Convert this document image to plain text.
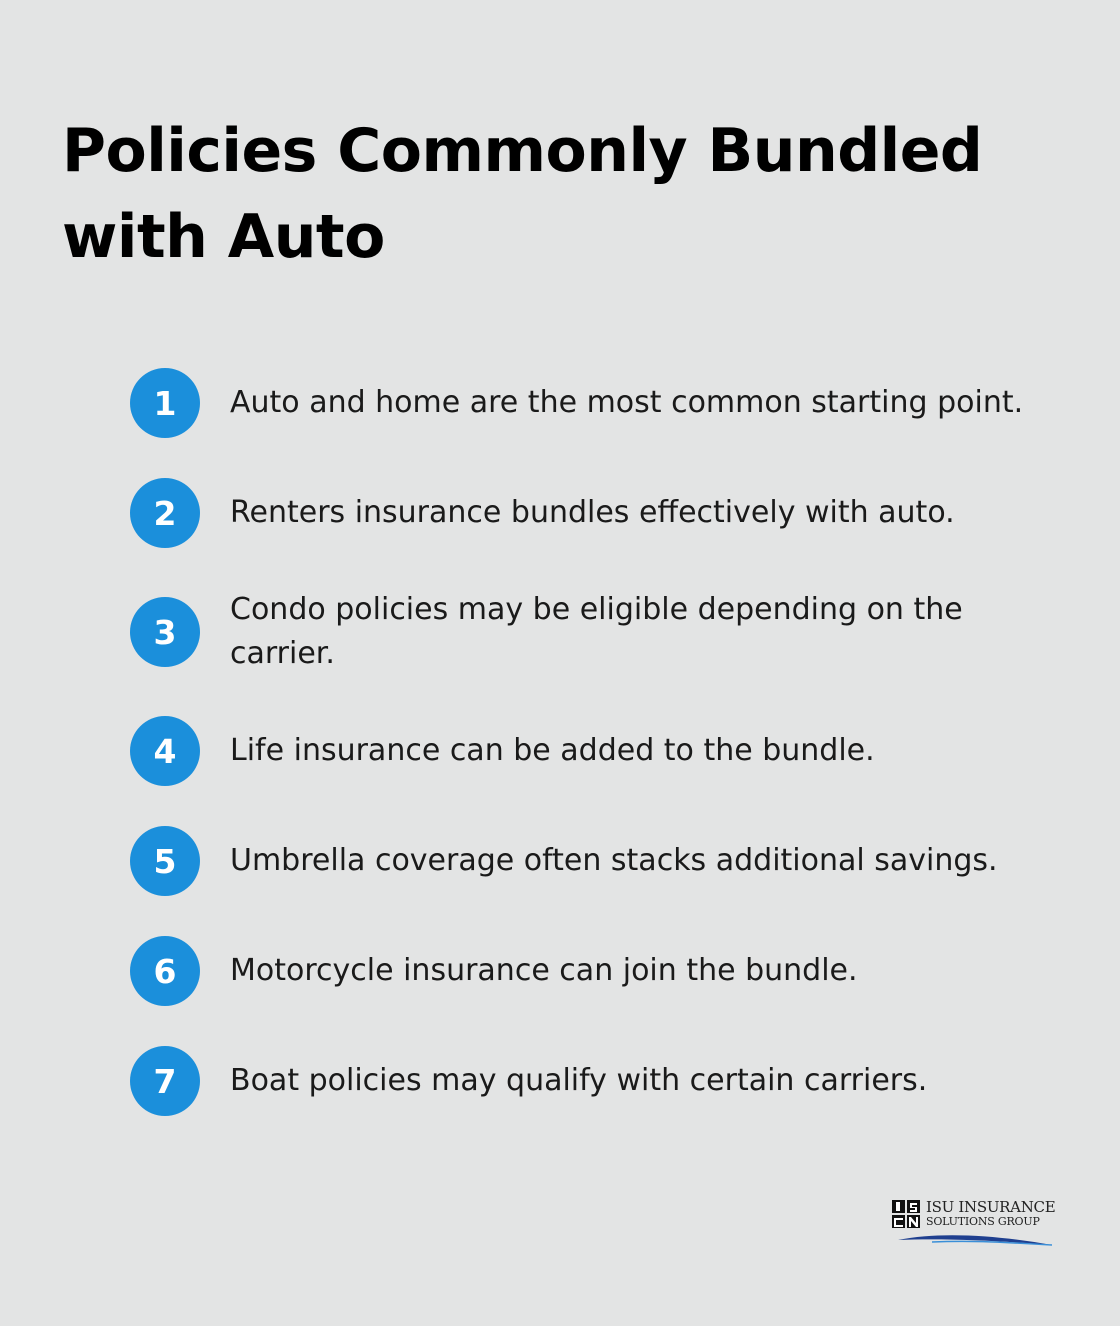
Policies Commonly Bundled with Auto
1	Auto and home are the most common starting point.
2	Renters insurance bundles effectively with auto.
3
Condo policies may be eligible depending on the carrier.
4	Life insurance can be added to the bundle.
5	Umbrella coverage often stacks additional savings.
6	Motorcycle insurance can join the bundle.
7	Boat policies may qualify with certain carriers.
ISU INSURANCE
SOLUTIONS GROUP
